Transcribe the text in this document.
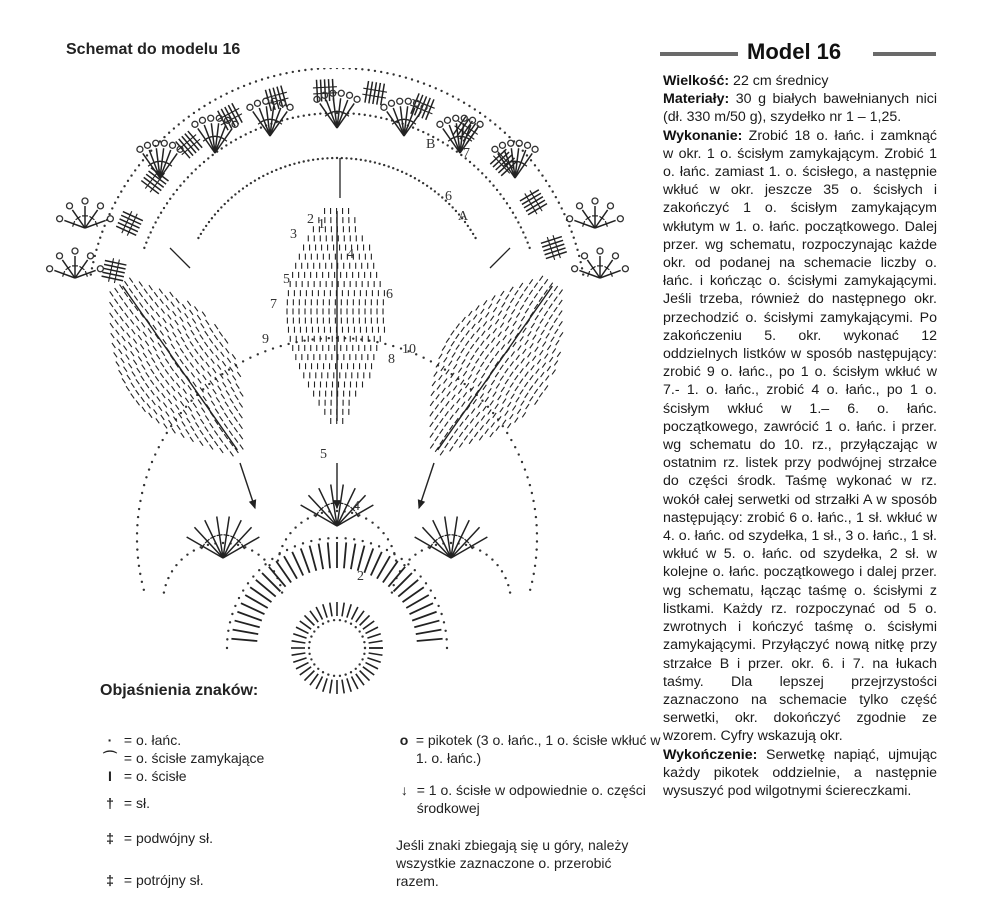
Schemat do modelu 16
1
2
3
4
5
6
7
8
9
10
2
4
5
6
7
A
B
Objaśnienia znaków:
· = o. łańc.
⌒ = o. ścisłe zamykające
I = o. ścisłe
† = sł.
‡ = podwójny sł.
‡ = potrójny sł.
o
= pikotek (3 o. łańc., 1 o. ścisłe wkłuć w 1. o. łańc.)
↓
= 1 o. ścisłe w odpowiednie o. części środkowej
Jeśli znaki zbiegają się u góry, należy wszystkie zaznaczone o. przerobić razem.
Model 16

Wielkość: 22 cm średnicy

Materiały: 30 g białych bawełnianych nici (dł. 330 m/50 g), szydełko nr 1 – 1,25.

Wykonanie: Zrobić 18 o. łańc. i zamknąć w okr. 1 o. ścisłym zamykającym. Zrobić 1 o. łańc. zamiast 1. o. ścisłego, a następnie wkłuć w okr. jeszcze 35 o. ścisłych i zakończyć 1 o. ścisłym zamykającym wkłutym w 1. o. łańc. początkowego. Dalej przer. wg schematu, rozpoczynając każde okr. od podanej na schemacie liczby o. łańc. i kończąc o. ścisłymi zamykającymi. Jeśli trzeba, również do następnego okr. przechodzić o. ścisłymi zamykającymi. Po zakończeniu 5. okr. wykonać 12 oddzielnych listków w sposób następujący: zrobić 9 o. łańc., po 1 o. ścisłym wkłuć w 7.- 1. o. łańc., zrobić 4 o. łańc., po 1 o. ścisłym wkłuć w 1.– 6. o. łańc. początkowego, zawrócić 1 o. łańc. i przer. wg schematu do 10. rz., przyłączając w ostatnim rz. listek przy podwójnej strzałce do części środk. Taśmę wykonać w rz. wokół całej serwetki od strzałki A w sposób następujący: zrobić 6 o. łańc., 1 sł. wkłuć w 4. o. łańc. od szydełka, 1 sł., 3 o. łańc., 1 sł. wkłuć w 5. o. łańc. od szydełka, 2 sł. w kolejne o. łańc. początkowego i dalej przer. wg schematu, łącząc taśmę o. ścisłymi z listkami. Każdy rz. rozpoczynać od 5 o. zwrotnych i kończyć taśmę o. ścisłymi zamykającymi. Przyłączyć nową nitkę przy strzałce B i przer. okr. 6. i 7. na łukach taśmy. Dla lepszej przejrzystości zaznaczono na schemacie tylko część serwetki, okr. dokończyć zgodnie ze wzorem. Cyfry wskazują okr.

Wykończenie: Serwetkę napiąć, ujmując każdy pikotek oddzielnie, a następnie wysuszyć pod wilgotnymi ściereczkami.
